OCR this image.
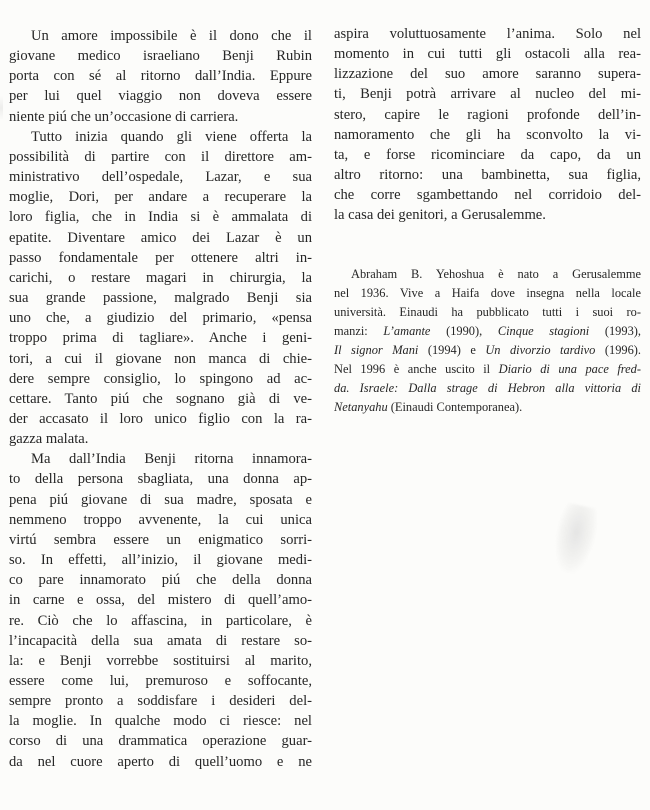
Un amore impossibile è il dono che il
giovane medico israeliano Benji Rubin
porta con sé al ritorno dall’India. Eppure
per lui quel viaggio non doveva essere
niente piú che un’occasione di carriera.
Tutto inizia quando gli viene offerta la
possibilità di partire con il direttore am-
ministrativo dell’ospedale, Lazar, e sua
moglie, Dori, per andare a recuperare la
loro figlia, che in India si è ammalata di
epatite. Diventare amico dei Lazar è un
passo fondamentale per ottenere altri in-
carichi, o restare magari in chirurgia, la
sua grande passione, malgrado Benji sia
uno che, a giudizio del primario, «pensa
troppo prima di tagliare». Anche i geni-
tori, a cui il giovane non manca di chie-
dere sempre consiglio, lo spingono ad ac-
cettare. Tanto piú che sognano già di ve-
der accasato il loro unico figlio con la ra-
gazza malata.
Ma dall’India Benji ritorna innamora-
to della persona sbagliata, una donna ap-
pena piú giovane di sua madre, sposata e
nemmeno troppo avvenente, la cui unica
virtú sembra essere un enigmatico sorri-
so. In effetti, all’inizio, il giovane medi-
co pare innamorato piú che della donna
in carne e ossa, del mistero di quell’amo-
re. Ciò che lo affascina, in particolare, è
l’incapacità della sua amata di restare so-
la: e Benji vorrebbe sostituirsi al marito,
essere come lui, premuroso e soffocante,
sempre pronto a soddisfare i desideri del-
la moglie. In qualche modo ci riesce: nel
corso di una drammatica operazione guar-
da nel cuore aperto di quell’uomo e ne
aspira voluttuosamente l’anima. Solo nel
momento in cui tutti gli ostacoli alla rea-
lizzazione del suo amore saranno supera-
ti, Benji potrà arrivare al nucleo del mi-
stero, capire le ragioni profonde dell’in-
namoramento che gli ha sconvolto la vi-
ta, e forse ricominciare da capo, da un
altro ritorno: una bambinetta, sua figlia,
che corre sgambettando nel corridoio del-
la casa dei genitori, a Gerusalemme.
Abraham B. Yehoshua è nato a Gerusalemme
nel 1936. Vive a Haifa dove insegna nella locale
università. Einaudi ha pubblicato tutti i suoi ro-
manzi: L’amante (1990), Cinque stagioni (1993),
Il signor Mani (1994) e Un divorzio tardivo (1996).
Nel 1996 è anche uscito il Diario di una pace fred-
da. Israele: Dalla strage di Hebron alla vittoria di
Netanyahu (Einaudi Contemporanea).
